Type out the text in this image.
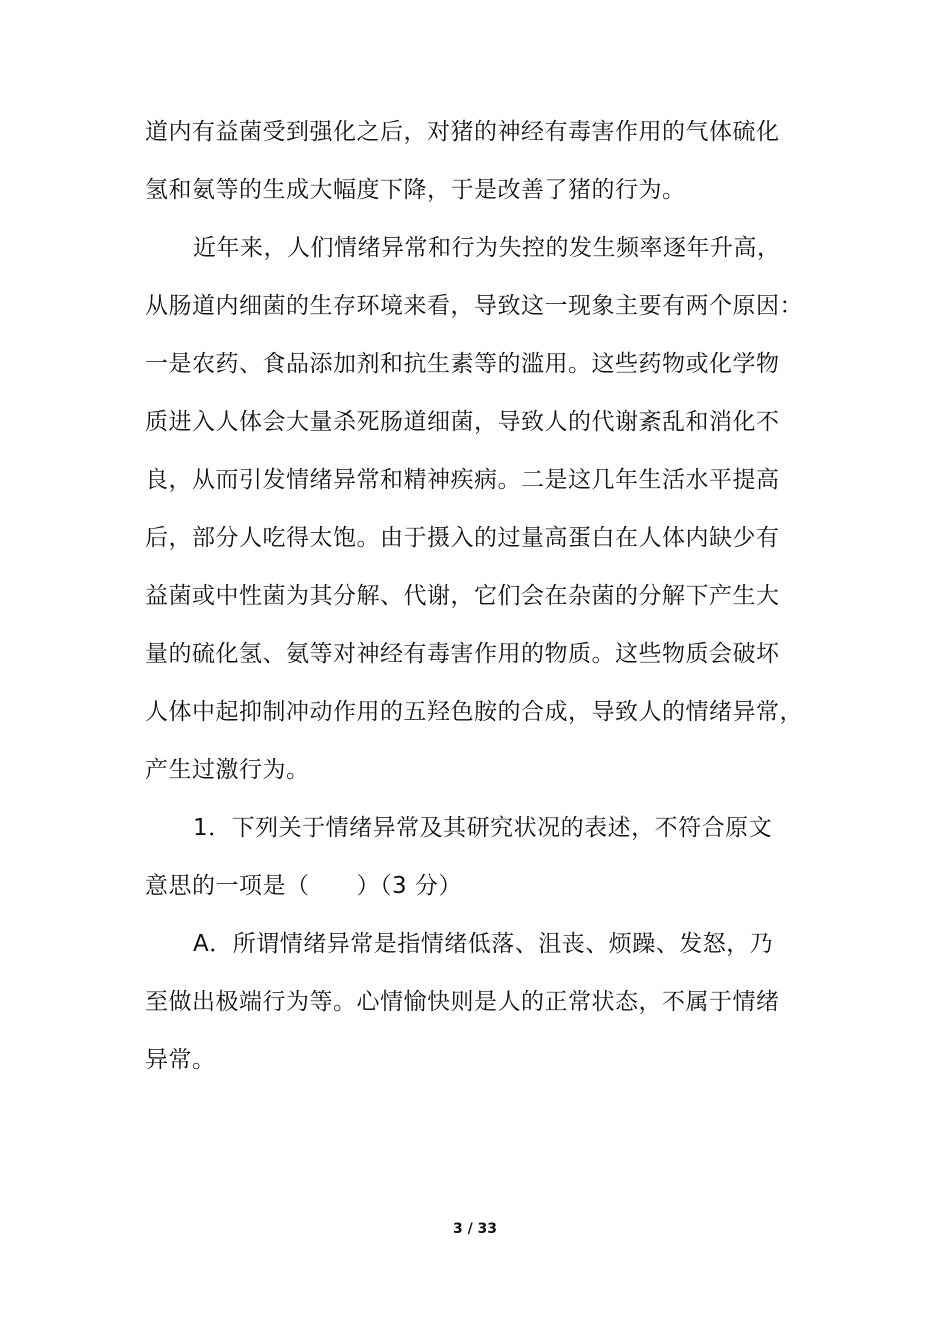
道内有益菌受到强化之后，对猪的神经有毒害作用的气体硫化
氢和氨等的生成大幅度下降，于是改善了猪的行为。
近年来，人们情绪异常和行为失控的发生频率逐年升高，
从肠道内细菌的生存环境来看，导致这一现象主要有两个原因：
一是农药、食品添加剂和抗生素等的滥用。这些药物或化学物
质进入人体会大量杀死肠道细菌，导致人的代谢紊乱和消化不
良，从而引发情绪异常和精神疾病。二是这几年生活水平提高
后，部分人吃得太饱。由于摄入的过量高蛋白在人体内缺少有
益菌或中性菌为其分解、代谢，它们会在杂菌的分解下产生大
量的硫化氢、氨等对神经有毒害作用的物质。这些物质会破坏
人体中起抑制冲动作用的五羟色胺的合成，导致人的情绪异常，
产生过激行为。
1．下列关于情绪异常及其研究状况的表述，不符合原文
意思的一项是（　　）（3 分）
A．所谓情绪异常是指情绪低落、沮丧、烦躁、发怒，乃
至做出极端行为等。心情愉快则是人的正常状态，不属于情绪
异常。
3 / 33
